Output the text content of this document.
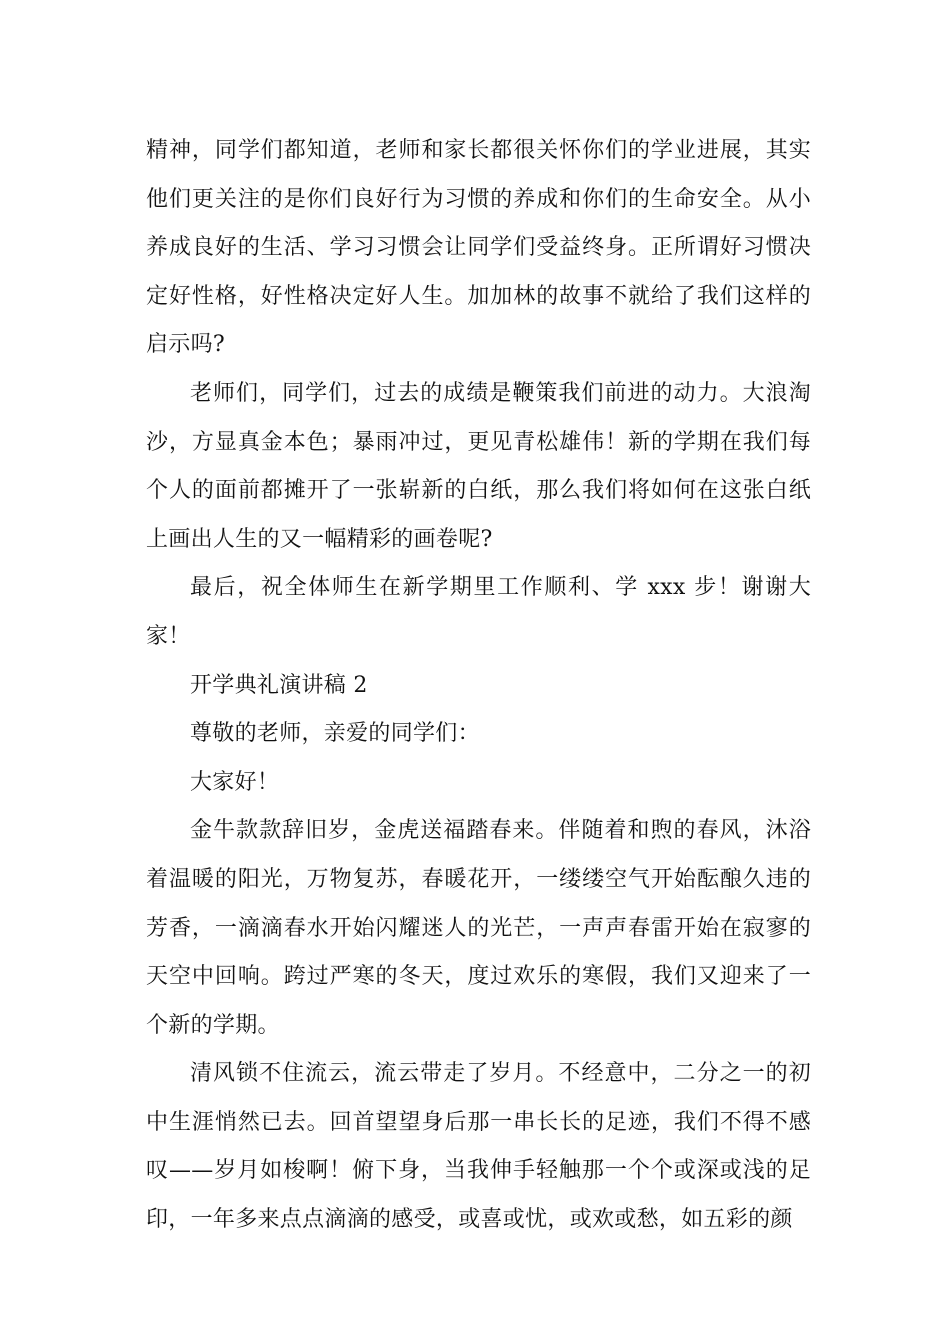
精神，同学们都知道，老师和家长都很关怀你们的学业进展，其实他们更关注的是你们良好行为习惯的养成和你们的生命安全。从小养成良好的生活、学习习惯会让同学们受益终身。正所谓好习惯决定好性格，好性格决定好人生。加加林的故事不就给了我们这样的启示吗?

老师们，同学们，过去的成绩是鞭策我们前进的动力。大浪淘沙，方显真金本色；暴雨冲过，更见青松雄伟！新的学期在我们每个人的面前都摊开了一张崭新的白纸，那么我们将如何在这张白纸上画出人生的又一幅精彩的画卷呢?

最后，祝全体师生在新学期里工作顺利、学 xxx 步！谢谢大家！

开学典礼演讲稿 2

尊敬的老师，亲爱的同学们：

大家好！

金牛款款辞旧岁，金虎送福踏春来。伴随着和煦的春风，沐浴着温暖的阳光，万物复苏，春暖花开，一缕缕空气开始酝酿久违的芳香，一滴滴春水开始闪耀迷人的光芒，一声声春雷开始在寂寥的天空中回响。跨过严寒的冬天，度过欢乐的寒假，我们又迎来了一个新的学期。

清风锁不住流云，流云带走了岁月。不经意中，二分之一的初中生涯悄然已去。回首望望身后那一串长长的足迹，我们不得不感叹——岁月如梭啊！俯下身，当我伸手轻触那一个个或深或浅的足印，一年多来点点滴滴的感受，或喜或忧，或欢或愁，如五彩的颜
